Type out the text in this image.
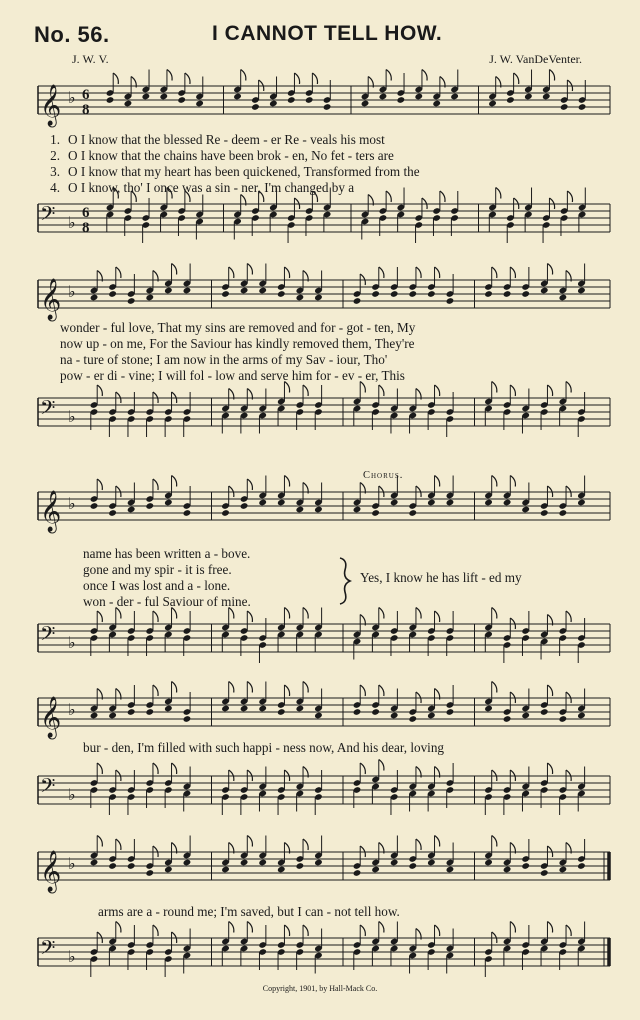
No. 56.	I CANNOT TELL HOW.
J. W. V.	J. W. VanDeVenter.
𝄞 ♭ 6
8
1. O I know that the blessed Re - deem - er Re - veals his most
2. O I know that the chains have been brok - en, No fet - ters are
3. O I know that my heart has been quickened, Transformed from the
4. O I know, tho' I once was a sin - ner, I'm changed by a
𝄢 ♭ 6
8
𝄞 ♭
wonder - ful love, That my sins are removed and for - got - ten, My
now up - on me, For the Saviour has kindly removed them, They're
na - ture of stone; I am now in the arms of my Sav - iour, Tho'
pow - er di - vine; I will fol - low and serve him for - ev - er, This
𝄢 ♭
Chorus.
𝄞 ♭
name has been written a - bove.
gone and my spir - it is free.
once I was lost and a - lone.
won - der - ful Saviour of mine.
Yes, I know he has lift - ed my
𝄢 ♭
𝄞 ♭
bur - den, I'm filled with such happi - ness now, And his dear, loving
𝄢 ♭
𝄞 ♭
arms are a - round me; I'm saved, but I can - not tell how.
𝄢 ♭
Copyright, 1901, by Hall-Mack Co.
